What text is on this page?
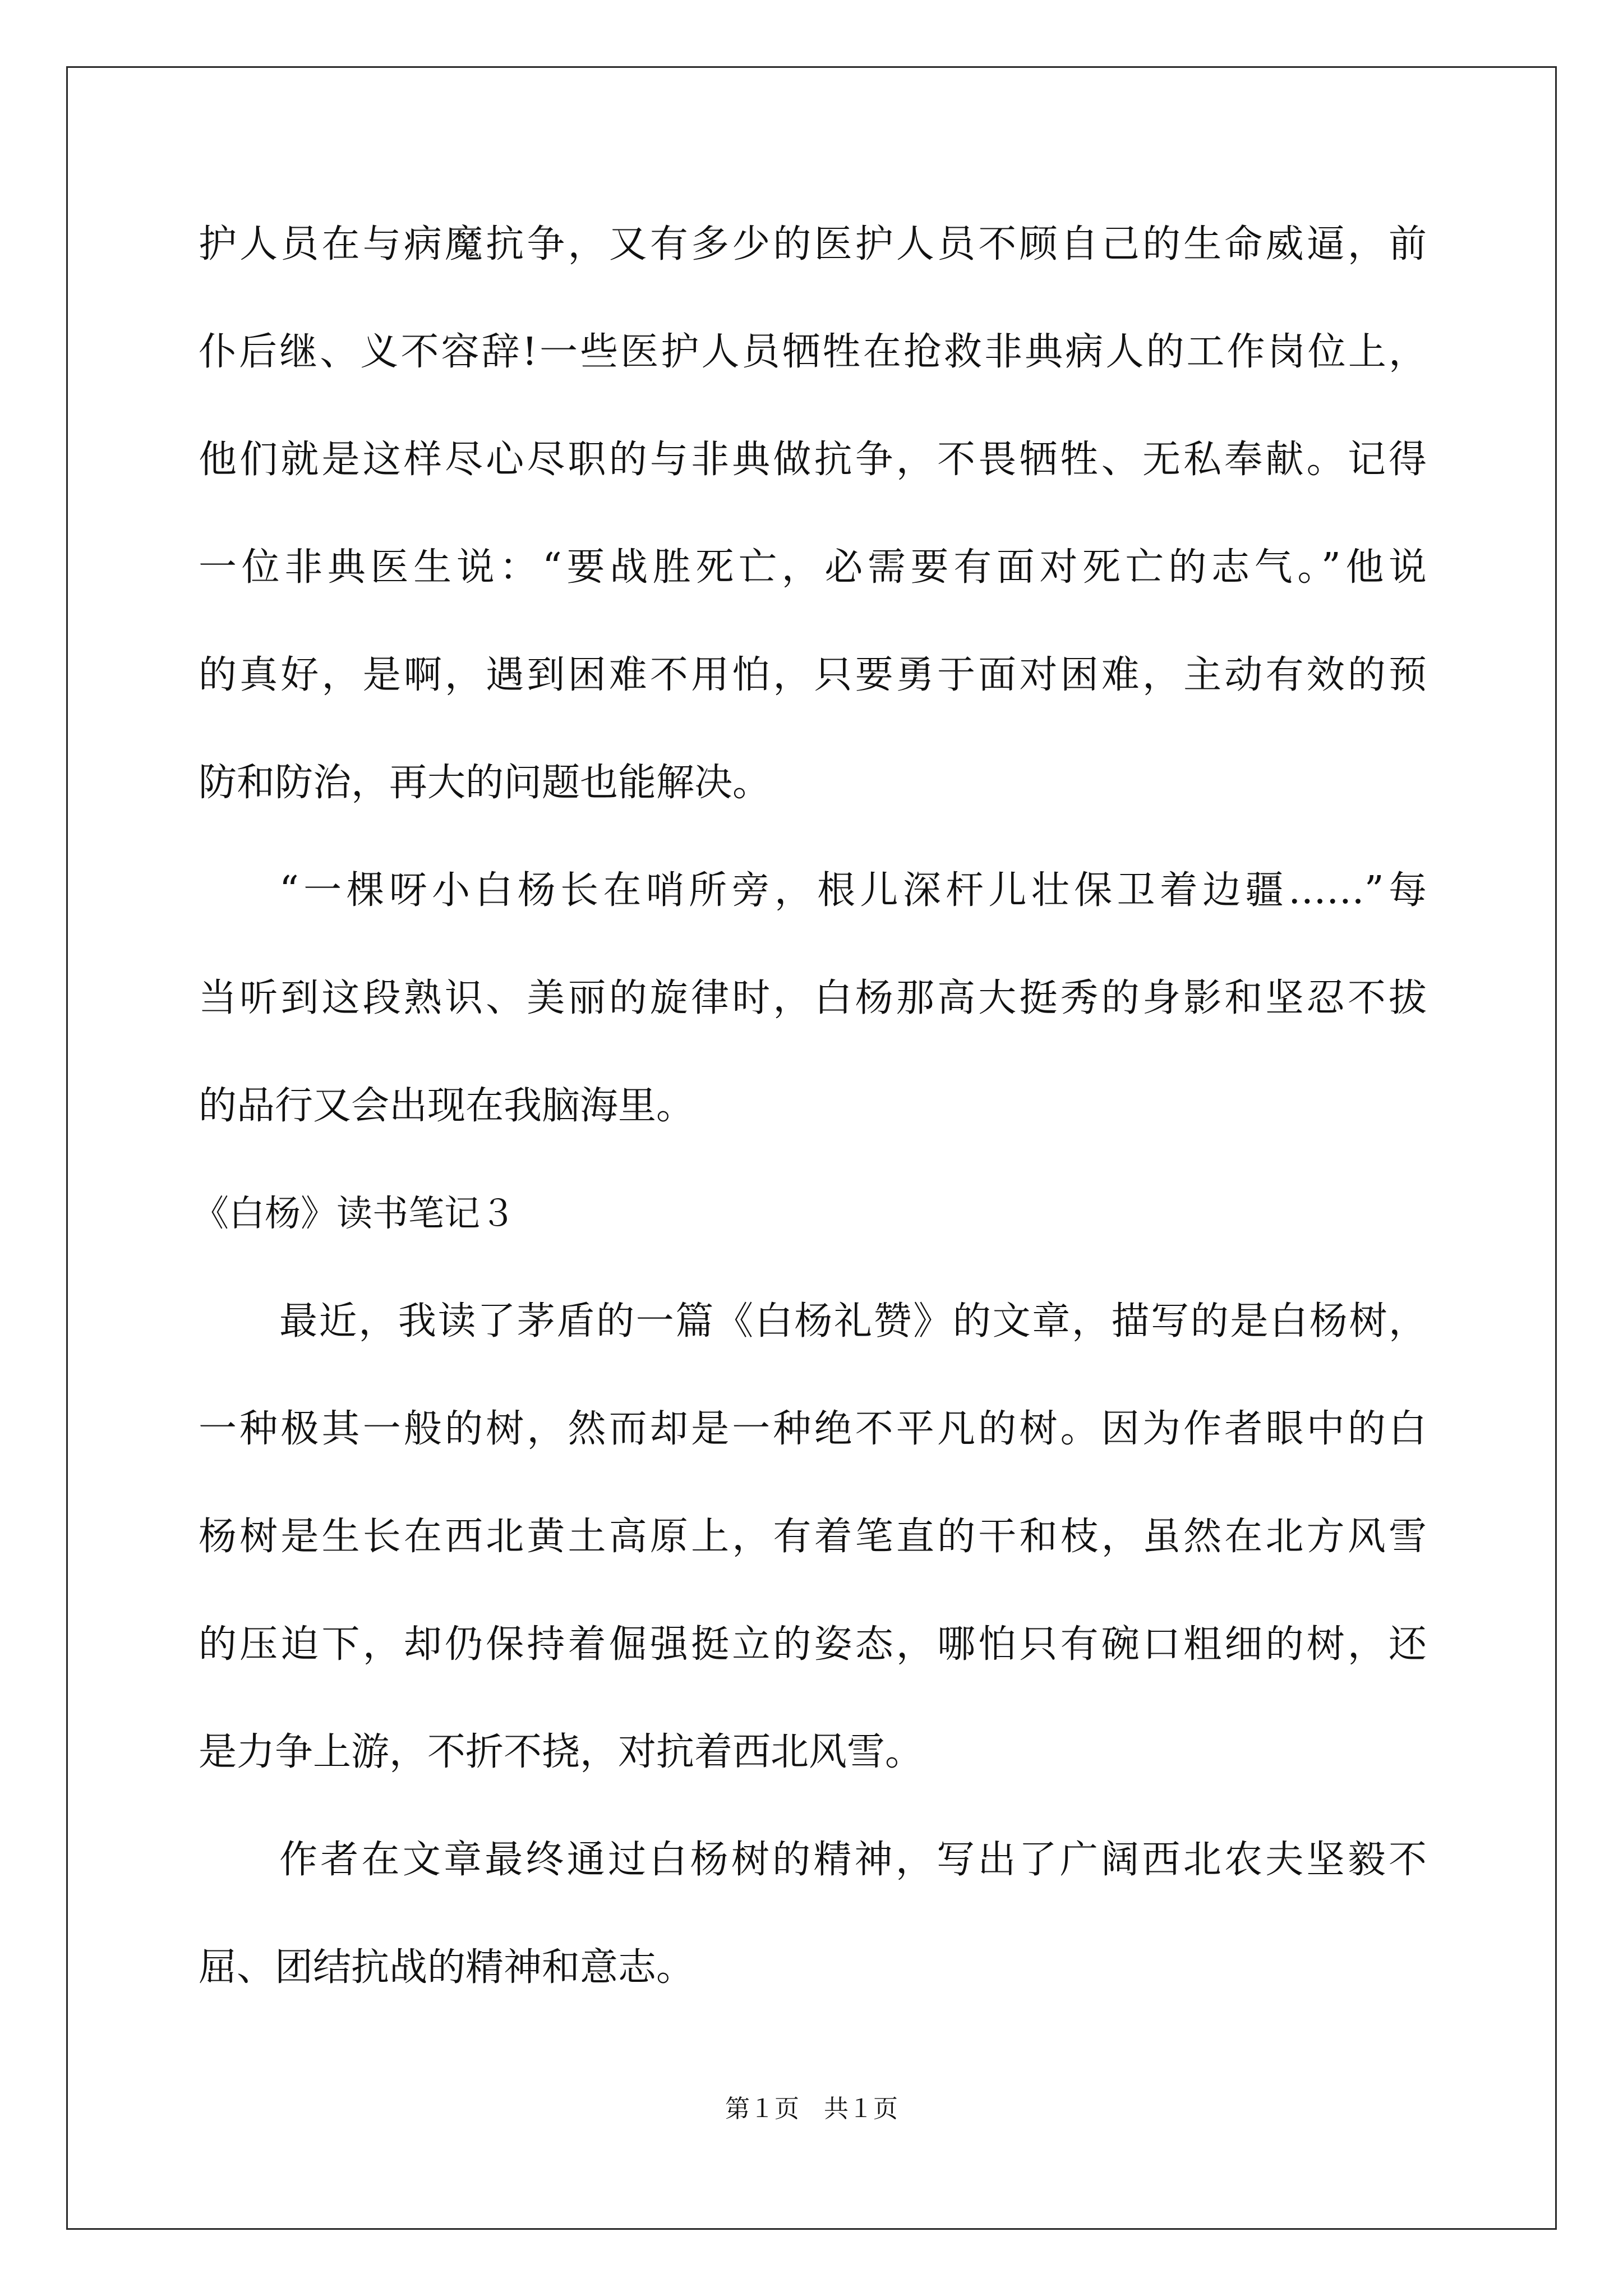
护人员在与病魔抗争，又有多少的医护人员不顾自己的生命威逼，前
仆后继、义不容辞!一些医护人员牺牲在抢救非典病人的工作岗位上，
他们就是这样尽心尽职的与非典做抗争，不畏牺牲、无私奉献。记得
一位非典医生说：“要战胜死亡，必需要有面对死亡的志气。”他说
的真好，是啊，遇到困难不用怕，只要勇于面对困难，主动有效的预
防和防治，再大的问题也能解决。
“一棵呀小白杨长在哨所旁，根儿深杆儿壮保卫着边疆……”每
当听到这段熟识、美丽的旋律时，白杨那高大挺秀的身影和坚忍不拔
的品行又会出现在我脑海里。
《白杨》读书笔记３
最近，我读了茅盾的一篇《白杨礼赞》的文章，描写的是白杨树，
一种极其一般的树，然而却是一种绝不平凡的树。因为作者眼中的白
杨树是生长在西北黄土高原上，有着笔直的干和枝，虽然在北方风雪
的压迫下，却仍保持着倔强挺立的姿态，哪怕只有碗口粗细的树，还
是力争上游，不折不挠，对抗着西北风雪。
作者在文章最终通过白杨树的精神，写出了广阔西北农夫坚毅不
屈、团结抗战的精神和意志。
第１页 共１页
